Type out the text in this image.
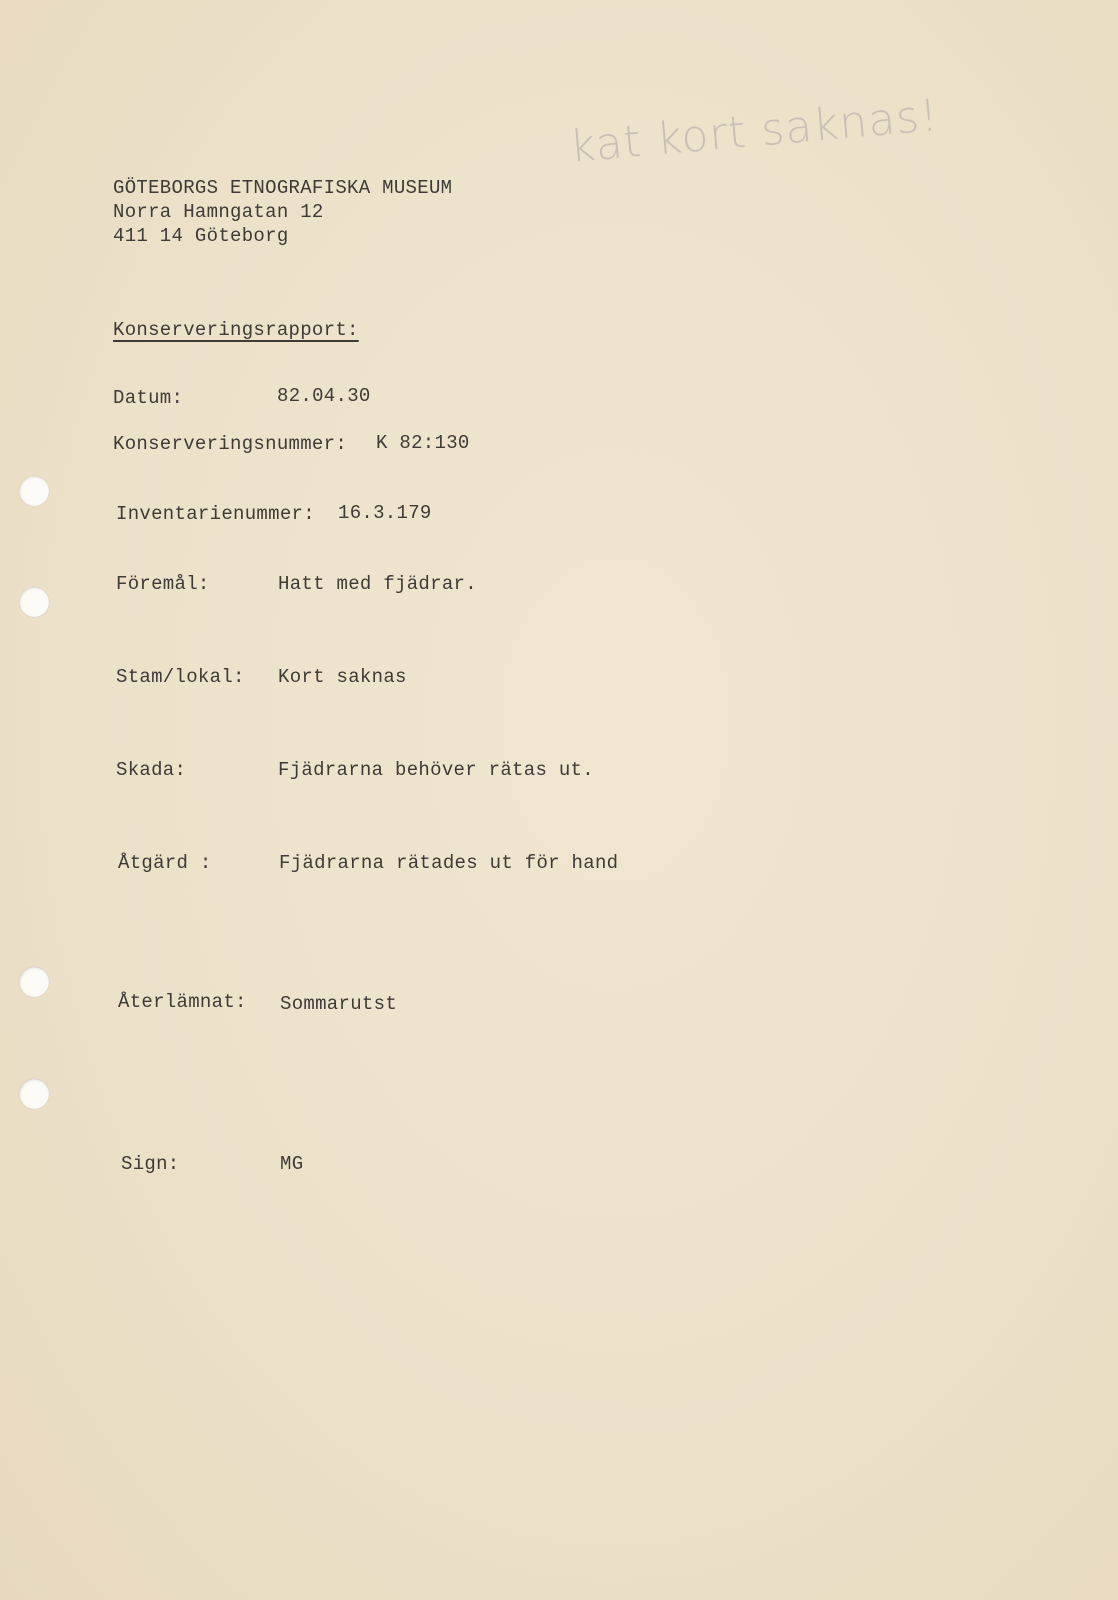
kat kort saknas!
GÖTEBORGS ETNOGRAFISKA MUSEUM
Norra Hamngatan 12
411 14 Göteborg
Konserveringsrapport:
Datum:	82.04.30
Konserveringsnummer: K 82:130
Inventarienummer: 16.3.179
Föremål:	Hatt med fjädrar.
Stam/lokal: Kort saknas
Skada:	Fjädrarna behöver rätas ut.
Åtgärd :	Fjädrarna rätades ut för hand
Återlämnat: Sommarutst
Sign:	MG
